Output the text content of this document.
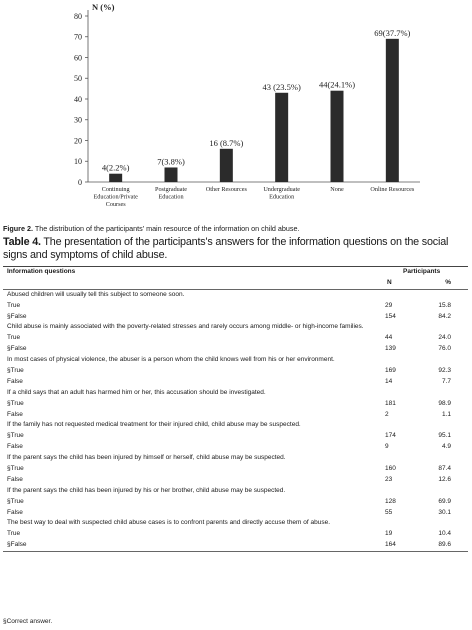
0
10
20
30
40
50
60
70
80
N (%)
4(2.2%)
Continuing
Education/Private
Courses
7(3.8%)
Postgraduate
Education
16 (8.7%)
Other Resources
43 (23.5%)
Undergraduate
Education
44(24.1%)
None
69(37.7%)
Online Resources
Figure 2. The distribution of the participants' main resource of the information on child abuse.
Table 4. The presentation of the participants's answers for the information questions on the social signs and symptoms of child abuse.
Information questions	Participants
N	%
Abused children will usually tell this subject to someone soon.
True	29	15.8
§False	154	84.2
Child abuse is mainly associated with the poverty-related stresses and rarely occurs among middle- or high-income families.
True	44	24.0
§False	139	76.0
In most cases of physical violence, the abuser is a person whom the child knows well from his or her environment.
§True	169	92.3
False	14	7.7
If a child says that an adult has harmed him or her, this accusation should be investigated.
§True	181	98.9
False	2	1.1
If the family has not requested medical treatment for their injured child, child abuse may be suspected.
§True	174	95.1
False	9	4.9
If the parent says the child has been injured by himself or herself, child abuse may be suspected.
§True	160	87.4
False	23	12.6
If the parent says the child has been injured by his or her brother, child abuse may be suspected.
§True	128	69.9
False	55	30.1
The best way to deal with suspected child abuse cases is to confront parents and directly accuse them of abuse.
True	19	10.4
§False	164	89.6
§Correct answer.
